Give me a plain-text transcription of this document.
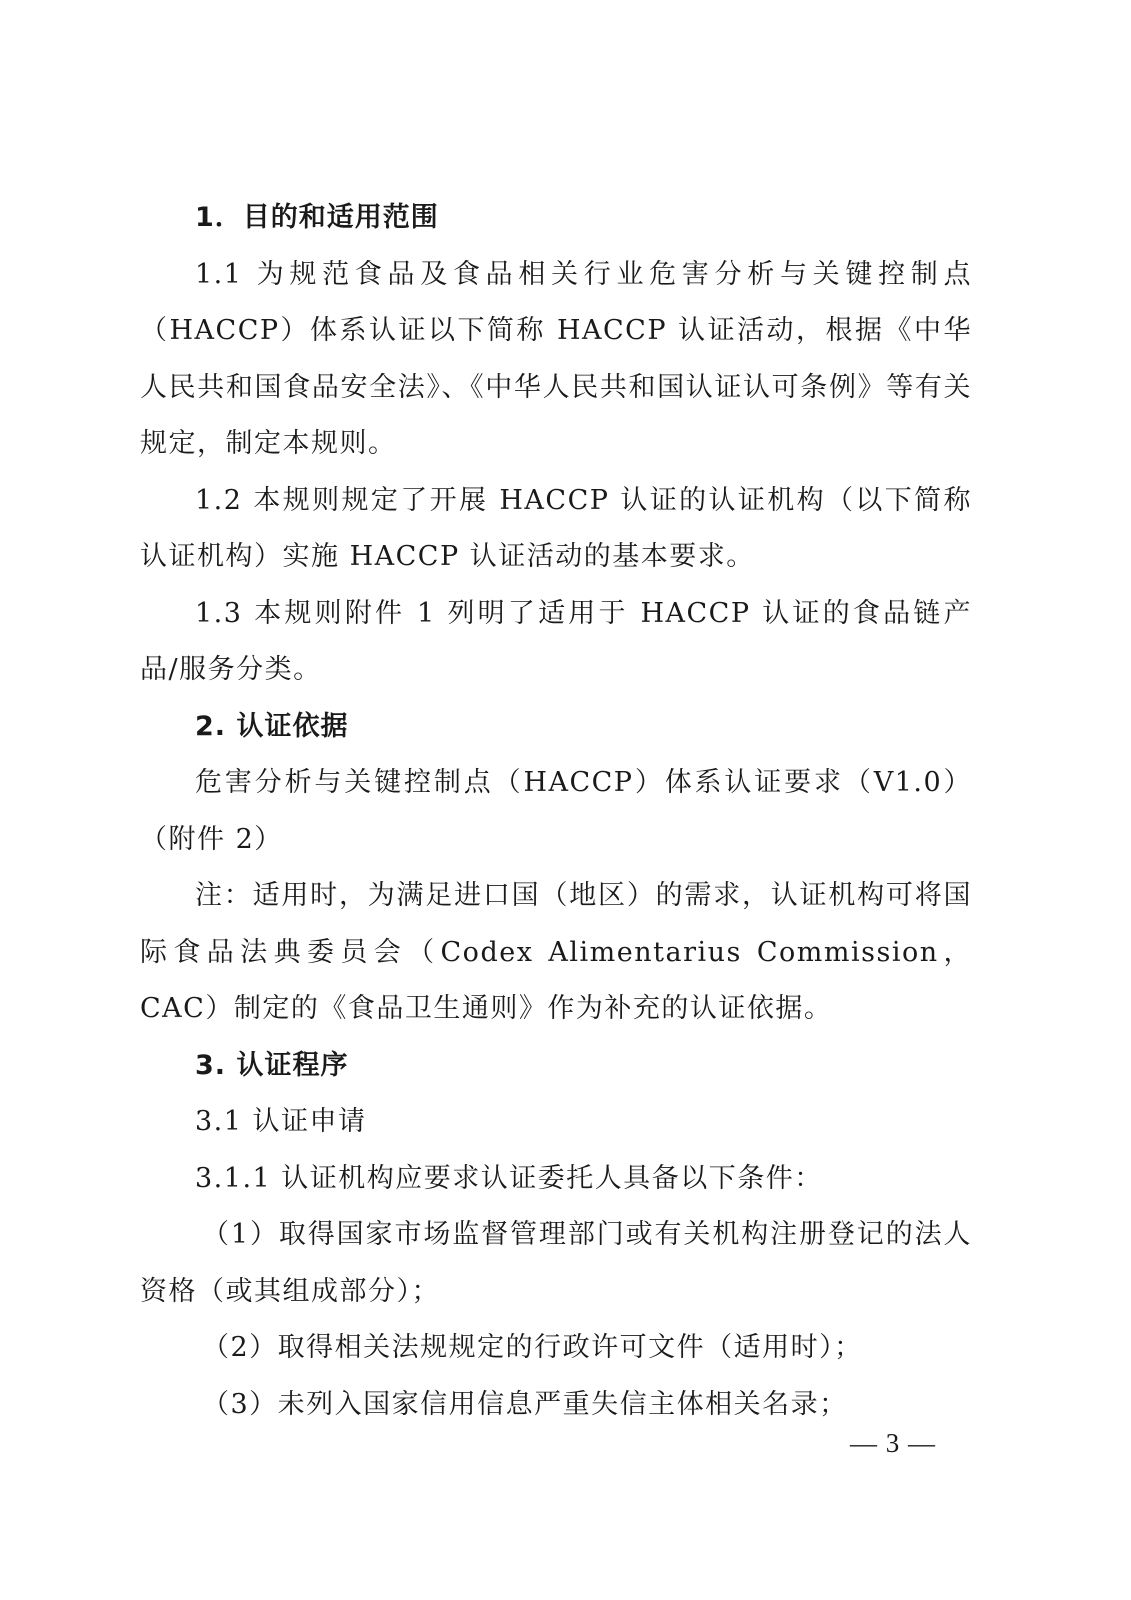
1．目的和适用范围

1.1 为规范食品及食品相关行业危害分析与关键控制点（HACCP）体系认证以下简称 HACCP 认证活动，根据《中华人民共和国食品安全法》、《中华人民共和国认证认可条例》等有关规定，制定本规则。

1.2 本规则规定了开展 HACCP 认证的认证机构（以下简称认证机构）实施 HACCP 认证活动的基本要求。

1.3 本规则附件 1 列明了适用于 HACCP 认证的食品链产品/服务分类。

2. 认证依据

危害分析与关键控制点（HACCP）体系认证要求（V1.0）（附件 2）

注：适用时，为满足进口国（地区）的需求，认证机构可将国际食品法典委员会（Codex Alimentarius Commission，CAC）制定的《食品卫生通则》作为补充的认证依据。

3. 认证程序

3.1 认证申请

3.1.1 认证机构应要求认证委托人具备以下条件：

（1）取得国家市场监督管理部门或有关机构注册登记的法人资格（或其组成部分）；

（2）取得相关法规规定的行政许可文件（适用时）；

（3）未列入国家信用信息严重失信主体相关名录；

— 3 —
